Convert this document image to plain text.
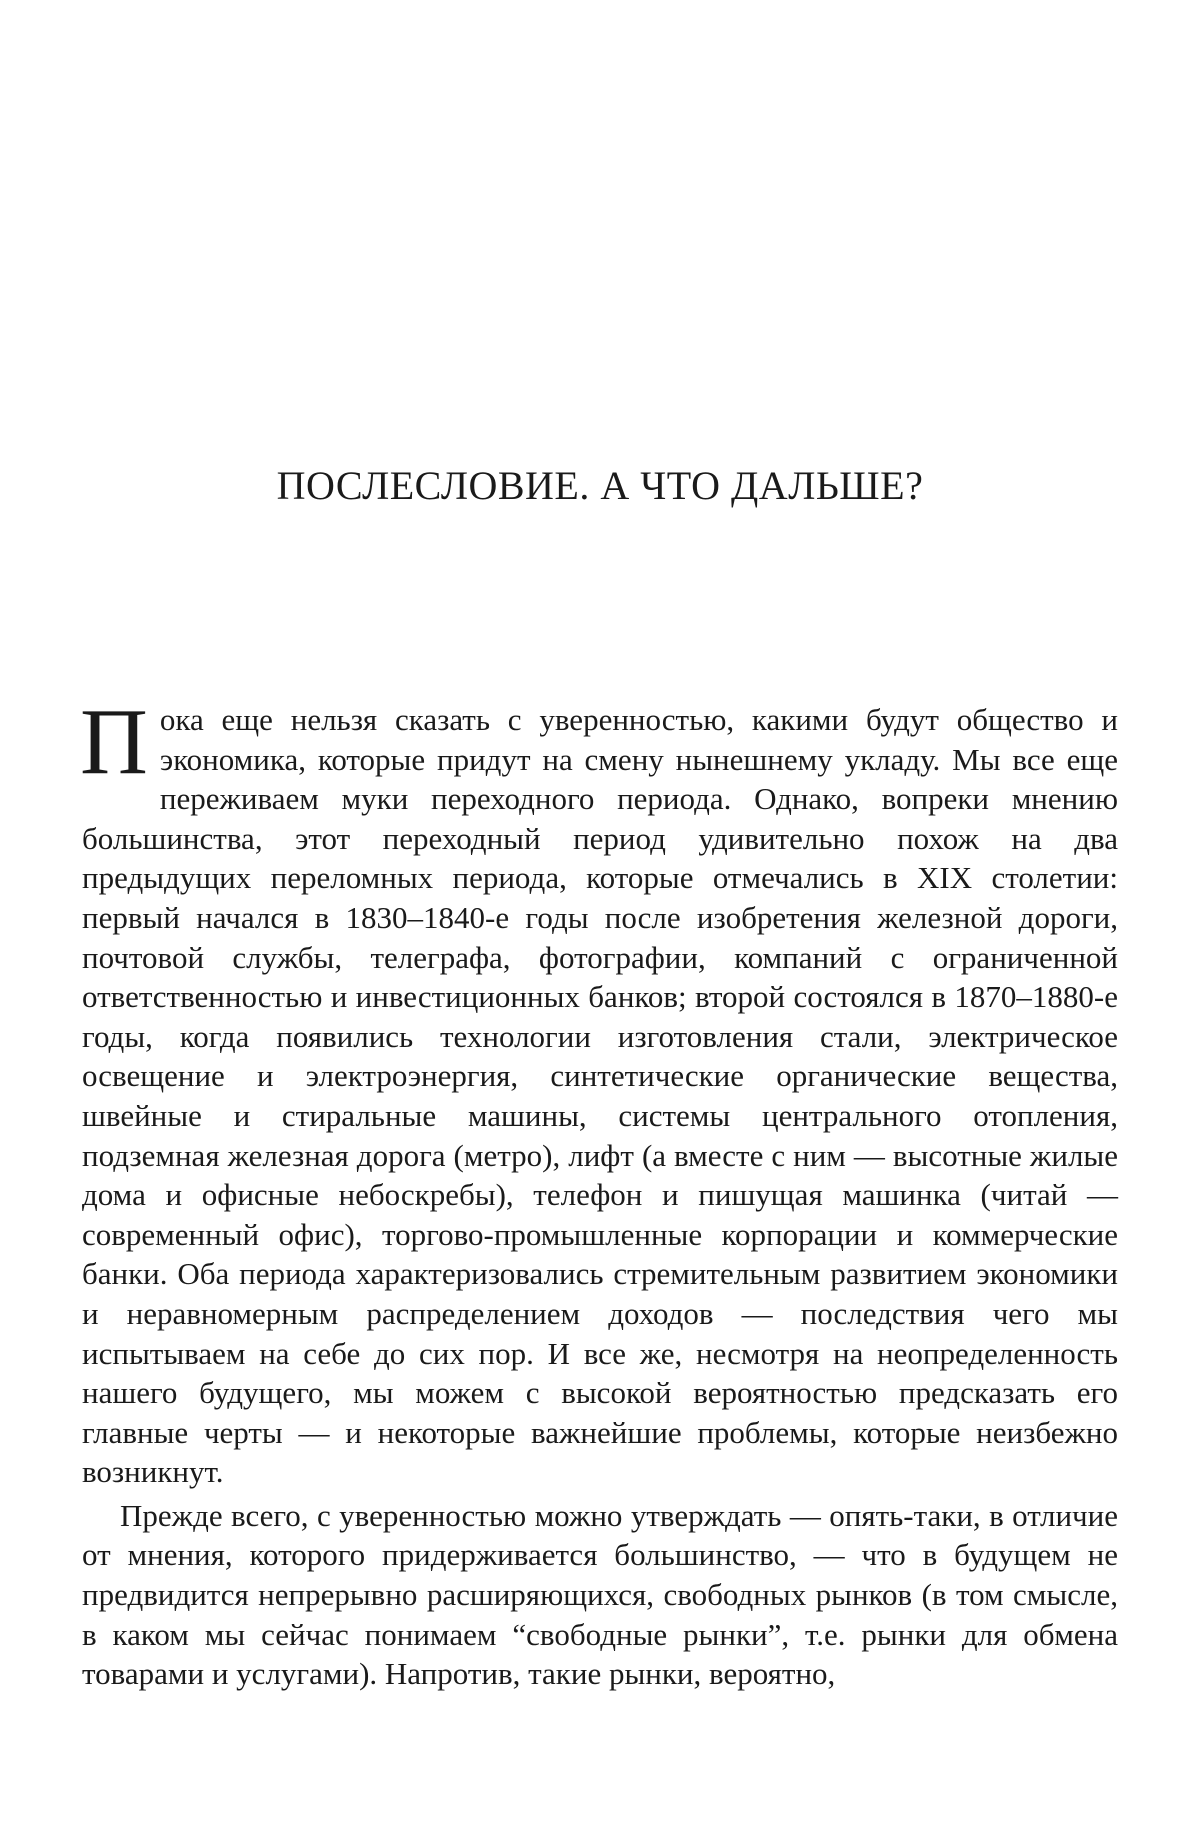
ПОСЛЕСЛОВИЕ. А ЧТО ДАЛЬШЕ?

П ока еще нельзя сказать с уверенностью, какими будут общество и экономика, которые придут на смену нынешнему укладу. Мы все еще переживаем муки переходного периода. Однако, вопреки мнению большинства, этот переходный период удивительно похож на два предыдущих переломных периода, которые отмечались в XIX столетии: первый начался в 1830–1840-е годы после изобретения железной дороги, почтовой службы, телеграфа, фотографии, компаний с ограниченной ответственностью и инвестиционных банков; второй состоялся в 1870–1880-е годы, когда появились технологии изготовления стали, электрическое освещение и электроэнергия, синтетические органические вещества, швейные и стиральные машины, системы центрального отопления, подземная железная дорога (метро), лифт (а вместе с ним — высотные жилые дома и офисные небоскребы), телефон и пишущая машинка (читай — современный офис), торгово-промышленные корпорации и коммерческие банки. Оба периода характеризовались стремительным развитием экономики и неравномерным распределением доходов — последствия чего мы испытываем на себе до сих пор. И все же, несмотря на неопределенность нашего будущего, мы можем с высокой вероятностью предсказать его главные черты — и некоторые важнейшие проблемы, которые неизбежно возникнут.

Прежде всего, с уверенностью можно утверждать — опять-таки, в отличие от мнения, которого придерживается большинство, — что в будущем не предвидится непрерывно расширяющихся, свободных рынков (в том смысле, в каком мы сейчас понимаем “свободные рынки”, т.е. рынки для обмена товарами и услугами). Напротив, такие рынки, вероятно,
